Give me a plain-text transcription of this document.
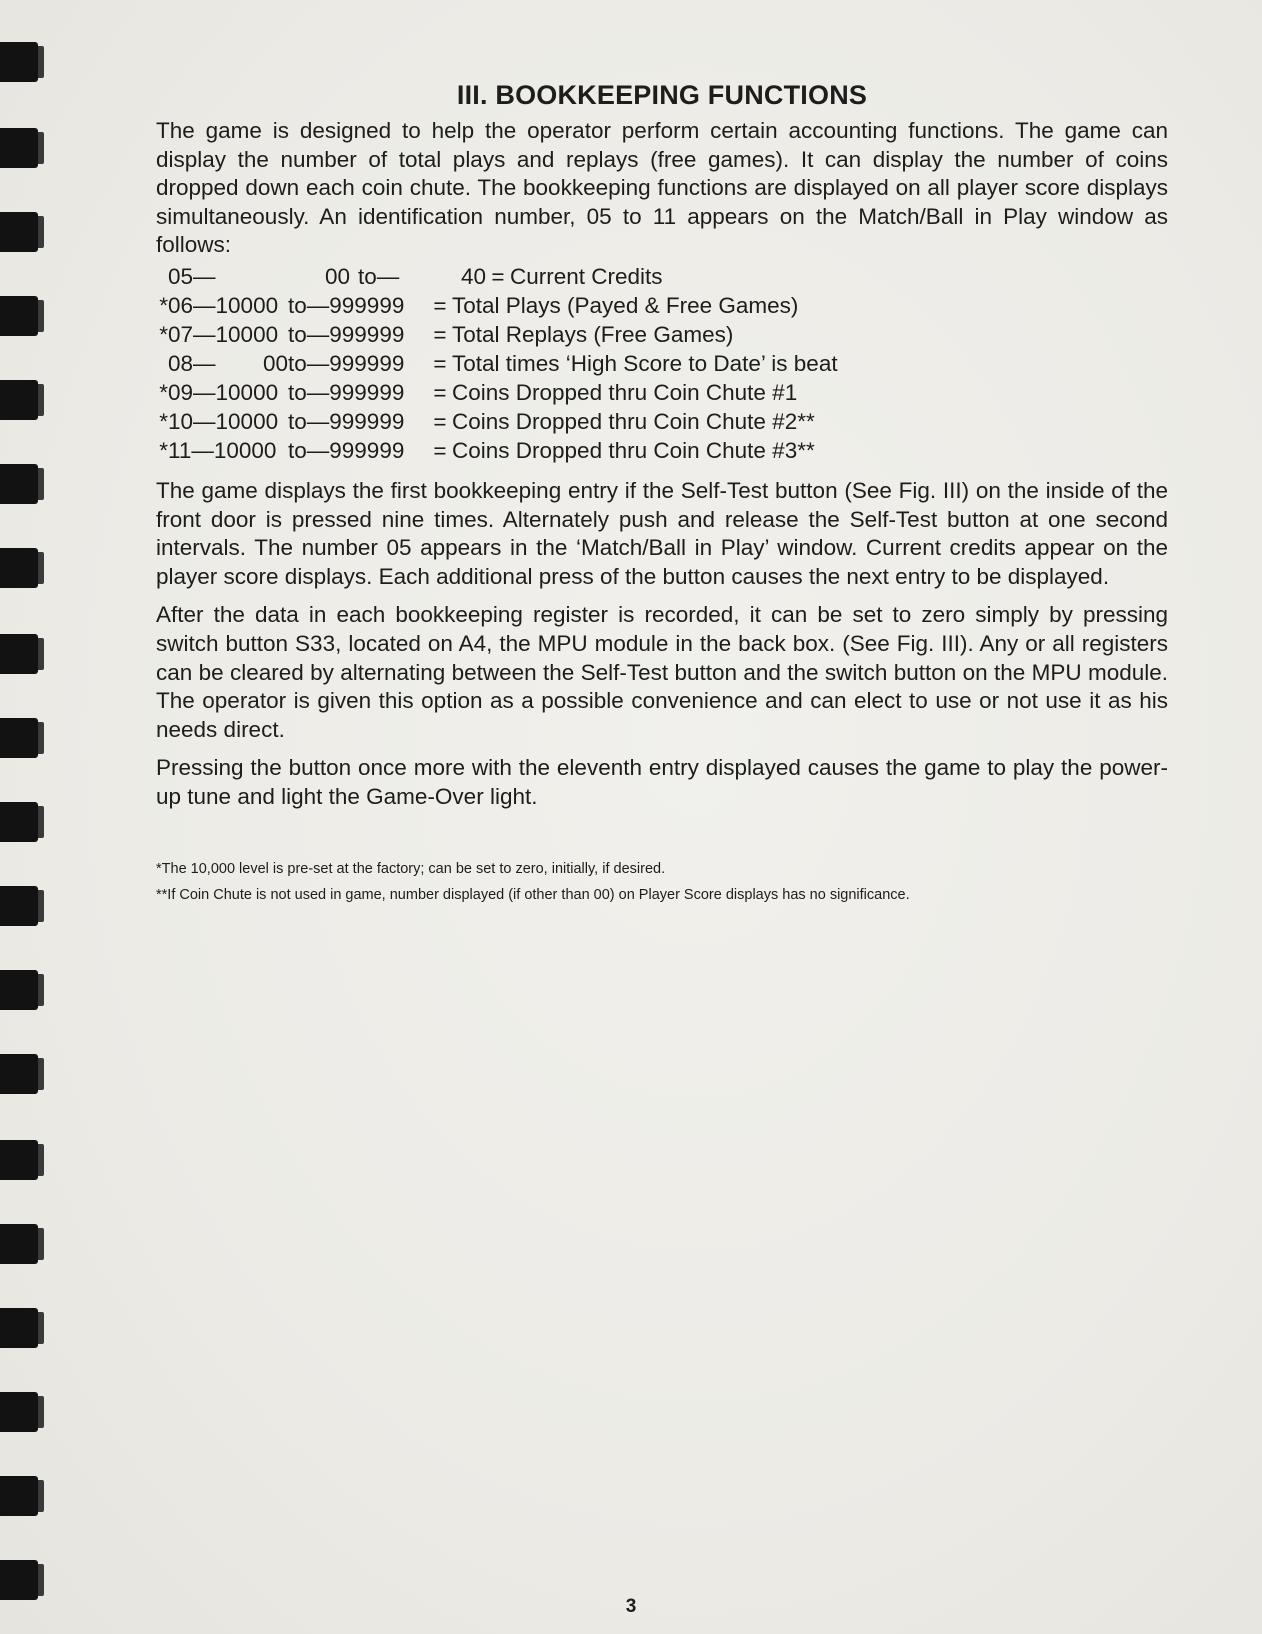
III. BOOKKEEPING FUNCTIONS

The game is designed to help the operator perform certain accounting functions. The game can display the number of total plays and replays (free games). It can display the number of coins dropped down each coin chute. The bookkeeping functions are displayed on all player score displays simultaneously. An identification number, 05 to 11 appears on the Match/Ball in Play window as follows:

05—	00 to—	40 = Current Credits
* 06—10000 to—999999	= Total Plays (Payed & Free Games)
* 07—10000 to—999999	= Total Replays (Free Games)
08—	00 to—999999	= Total times ‘High Score to Date’ is beat
* 09—10000 to—999999	= Coins Dropped thru Coin Chute #1
* 10—10000 to—999999	= Coins Dropped thru Coin Chute #2**
* 11—10000 to—999999	= Coins Dropped thru Coin Chute #3**

The game displays the first bookkeeping entry if the Self-Test button (See Fig. III) on the inside of the front door is pressed nine times. Alternately push and release the Self-Test button at one second intervals. The number 05 appears in the ‘Match/Ball in Play’ window. Current credits appear on the player score displays. Each additional press of the button causes the next entry to be displayed.

After the data in each bookkeeping register is recorded, it can be set to zero simply by pressing switch button S33, located on A4, the MPU module in the back box. (See Fig. III). Any or all registers can be cleared by alternating between the Self-Test button and the switch button on the MPU module. The operator is given this option as a possible convenience and can elect to use or not use it as his needs direct.

Pressing the button once more with the eleventh entry displayed causes the game to play the power-up tune and light the Game-Over light.

*The 10,000 level is pre-set at the factory; can be set to zero, initially, if desired.
**If Coin Chute is not used in game, number displayed (if other than 00) on Player Score displays has no significance.
3
